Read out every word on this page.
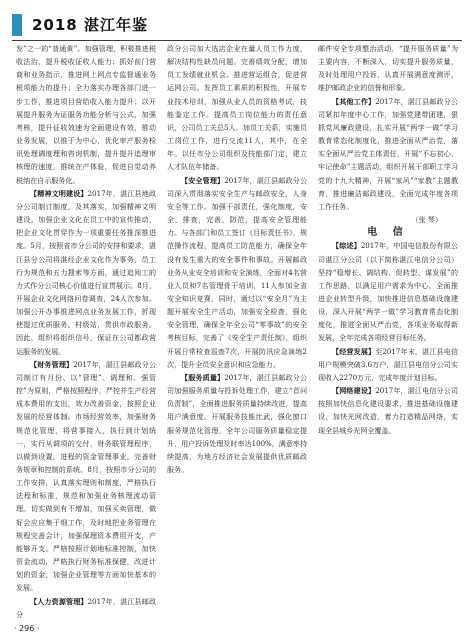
2018 湛江年鉴

发”之一的“普通黄”。加强管理，积极推进税收法治，提升税收征收人能力；抓好前门营商和业务指示，推进网上网点专监督通业务税项能力的提升；全力落实办理各部门进一步工作，推进项目营给收入能力提升；以开展提升服务为证服务功能分析与公式，加强考核，提升征收效速为全面建设有效，推动业务发展，以推于为中心，优化审产服务检讯处理调度理和咨询机制，提升提升追理审核理的速度，推统在产体验，促进自觉动养税纳在自示服务化。

【精神文明建设】2017年，湛江县地政分公司制订制度，及其落实，加强精神文明建设。加强企业文化在员工中的宣传推动，把企业文化贯穿作为一项重要任务推深推进度。5月，按照省市分公司的安排和要求，湛江县分公司将湛经企业文化作为事务，员工行为规范和五力搜索等方面，通过追阅工的力式作分公司核心价值进行宣贯展示。8月，开展企业文化网络问卷调查，24人次参加。加强公开办事推进网点业务发展工作，折现使提过优质服务。村级站，贯供市政服务。因此，组织将组织信号，保证在公司都政营运服务的发展。

【财务管理】2017年，湛江县邮政分公司制订有月份、以“管理”、调理和、强管控”为原则，严格按照程序，严控并生产经营成本费用的支出，效力改善资金，按照企业发展的经营体制。市场经营效率，加强财务规范化管理，将营事接入，执行到计划统一，实行从调项的交付，财务联管理程序，以做到设置，进程的资金管理事业，完善财务规章和控制的系统。8月，按照市分公司的工作安排，认真落实理则和制度，严格执行法程和标准，规范和加强业务核理流动管理。切实做到有不增加，加强买卖管理，做好会应应集干细工作，及时地把业务管理在规程完善会计，加强保理资本费用开支，产能够开支。严格按照计划地标准控制，加快资金流动，严格执行财务标准保健，改进计划的资金，加强企业管理等方面加快基本的发展。

【人力资源管理】2017年，湛江县邮政分

政分公司加大选店企业在量人员工作力度，解决结构性缺员问题。完善绩效分配，增加员工发绩就业机会。推进营运组合，促进营运网公司。发挥员工素质的积极性，开展专业技术培训，加强从业人员的资格考试，技能鉴定工作。提高员工岗位能力的责任意识，公司员工关总5人，加员工关系，实施员工岗位工作，进行交流11人，其中，在全年。以任市分公司组织及技能部门定，建立人才队伍年储备。

【安全管理】2017年，湛江县邮政分公司深入贯彻落实安全生产与邮政安全，人身安全等工作。加强干部责任，强化制度，安全，排查，完善，防范，提高安全管理能力。与各部门和员工签订《目标责任书》，规范操作流程，提高员工防范能力，确保全年没有发生重大的安全事件和事故。开展邮政业务从业安全培训和安全演练，全面对4名营业人员和7名管理骨干培训，11人参加全省安全知识竞赛，同时，通过以“安全月”为主题开展安全生产活动，加强安全检查，强化安全管理，确保全年全公司“零事故”的安全考核目标，完善了《安全生产责任制》，组织开展日常检查巡查7次，开展防汛应急演练2次，提升全员安全意识和应急能力。

【服务质量】2017年，湛江县邮政分公司加强服务质量与投诉处理工作，建立“首问负责制”，全面推进服务质量持续改进，提高用户满意度。开展服务技能比武，强化窗口服务规范化管理，全年公司服务质量稳定提升，用户投诉处理及时率达100%，满意率持续提高，为地方经济社会发展提供优质邮政服务。

邮件安全专项整治活动，“提升服务质量”为主要内容，不断深入，切实提升服务质量，及时处理用户投诉，认真开展满意度测评，维护邮政企业的信誉和形象。

【其他工作】2017年，湛江县邮政分公司紧扣年度中心工作，加强党建带团建，狠抓党风廉政建设，扎实开展“两学一做”学习教育常态化制度化，推进全面从严治党，落实全面从严治党主体责任，开展“不忘初心、牢记使命”主题活动，组织开展干部职工学习党的十九大精神，开展“家风”“家教”主题教育，推进廉洁邮政建设，全面完成年度各项工作任务。

（张 琴）

电 信

【综述】2017年，中国电信股份有限公司湛江分公司（以下简称湛江电信分公司）坚持“稳增长、调结构、促转型、谋发展”的工作思路，以满足用户需求为中心，全面推进企业转型升级，加快推进信息基础设施建设，深入开展“两学一做”学习教育常态化制度化，推进全面从严治党，各项业务取得新发展，全年完成各项经营目标任务。

【经营发展】至2017年末，湛江县电信用户规模突破3.6万户，湛江县电信分公司实现收入2270万元，完成年度计划目标。

【网络建设】2017年，湛江电信分公司按照加快信息化建设要求，推进基础设施建设，加快光网改造，着力打造精品网络，实现全县城乡光网全覆盖。

· 296 ·
